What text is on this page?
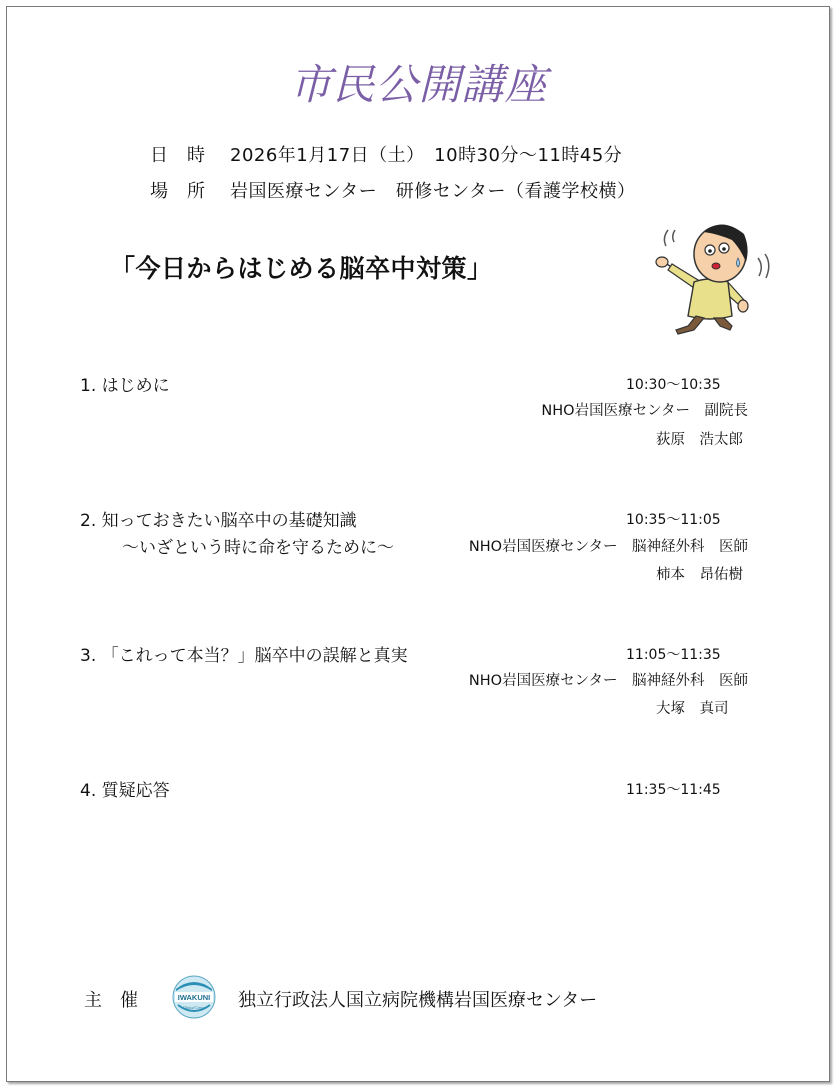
市民公開講座
日　時 2026年1月17日（土）　10時30分～11時45分
場　所 岩国医療センター　研修センター（看護学校横）
「今日からはじめる脳卒中対策」
1. はじめに	10:30～10:35
NHO岩国医療センター　副院長
荻原　浩太郎
2. 知っておきたい脳卒中の基礎知識	10:35～11:05
～いざという時に命を守るために～	NHO岩国医療センター　脳神経外科　医師
柿本　昂佑樹
3. 「これって本当？」脳卒中の誤解と真実	11:05～11:35
NHO岩国医療センター　脳神経外科　医師
大塚　真司
4. 質疑応答	11:35～11:45
主　催	IWAKUNI
Clinical Center 独立行政法人国立病院機構岩国医療センター
